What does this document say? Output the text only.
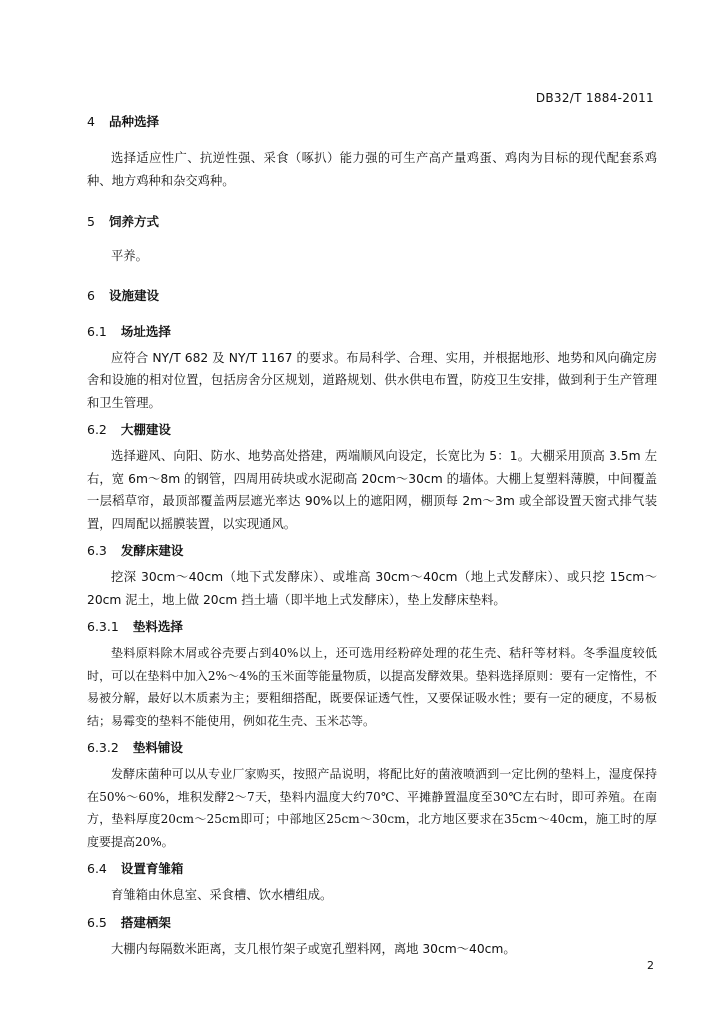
DB32/T 1884-2011
4 品种选择

选择适应性广、抗逆性强、采食（啄扒）能力强的可生产高产量鸡蛋、鸡肉为目标的现代配套系鸡种、地方鸡种和杂交鸡种。

5 饲养方式

平养。

6 设施建设
6.1 场址选择

应符合 NY/T 682 及 NY/T 1167 的要求。布局科学、合理、实用，并根据地形、地势和风向确定房舍和设施的相对位置，包括房舍分区规划，道路规划、供水供电布置，防疫卫生安排，做到利于生产管理和卫生管理。

6.2 大棚建设

选择避风、向阳、防水、地势高处搭建，两端顺风向设定，长宽比为 5：1。大棚采用顶高 3.5m 左右，宽 6m～8m 的钢管，四周用砖块或水泥砌高 20cm～30cm 的墙体。大棚上复塑料薄膜，中间覆盖一层稻草帘，最顶部覆盖两层遮光率达 90%以上的遮阳网，棚顶每 2m～3m 或全部设置天窗式排气装置，四周配以摇膜装置，以实现通风。

6.3 发酵床建设

挖深 30cm～40cm（地下式发酵床）、或堆高 30cm～40cm（地上式发酵床）、或只挖 15cm～20cm 泥土，地上做 20cm 挡土墙（即半地上式发酵床），垫上发酵床垫料。

6.3.1 垫料选择

垫料原料除木屑或谷壳要占到40%以上，还可选用经粉碎处理的花生壳、秸秆等材料。冬季温度较低时，可以在垫料中加入2%～4%的玉米面等能量物质，以提高发酵效果。垫料选择原则：要有一定惰性，不易被分解，最好以木质素为主；要粗细搭配，既要保证透气性，又要保证吸水性；要有一定的硬度，不易板结；易霉变的垫料不能使用，例如花生壳、玉米芯等。

6.3.2 垫料铺设

发酵床菌种可以从专业厂家购买，按照产品说明，将配比好的菌液喷洒到一定比例的垫料上，湿度保持在50%～60%，堆积发酵2～7天，垫料内温度大约70℃、平摊静置温度至30℃左右时，即可养殖。在南方，垫料厚度20cm～25cm即可；中部地区25cm～30cm，北方地区要求在35cm～40cm，施工时的厚度要提高20%。

6.4 设置育雏箱

育雏箱由休息室、采食槽、饮水槽组成。

6.5 搭建栖架

大棚内每隔数米距离，支几根竹架子或宽孔塑料网，离地 30cm～40cm。

2
